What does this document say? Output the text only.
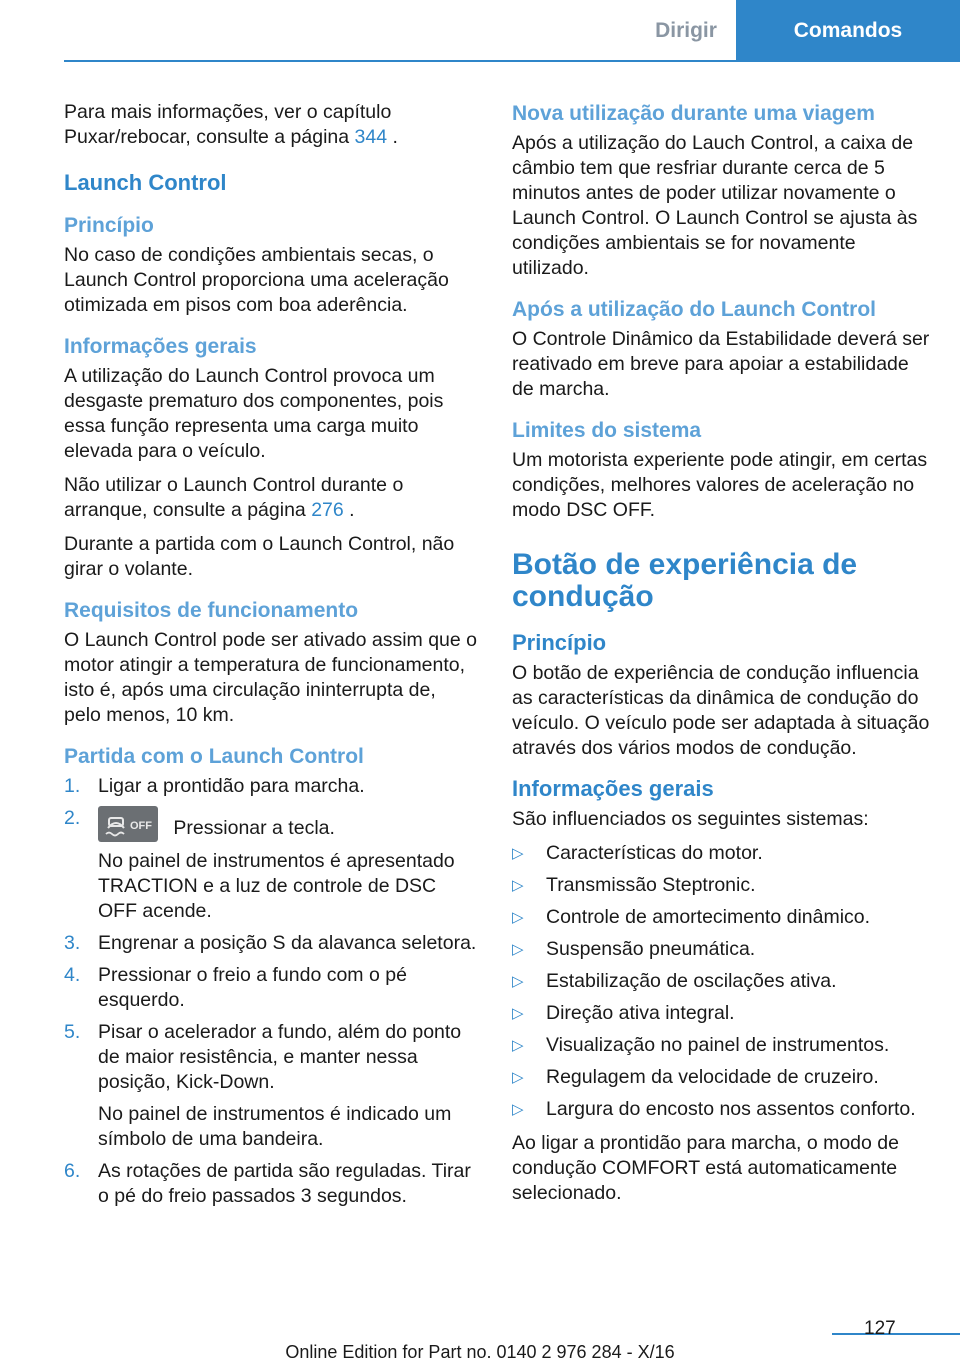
Dirigir	Comandos

Para mais informações, ver o capítulo Puxar/rebocar, consulte a página 344 .

Launch Control
Princípio

No caso de condições ambientais secas, o Launch Control proporciona uma aceleração otimizada em pisos com boa aderência.

Informações gerais

A utilização do Launch Control provoca um desgaste prematuro dos componentes, pois essa função representa uma carga muito elevada para o veículo.

Não utilizar o Launch Control durante o arranque, consulte a página 276 .

Durante a partida com o Launch Control, não girar o volante.

Requisitos de funcionamento

O Launch Control pode ser ativado assim que o motor atingir a temperatura de funcionamento, isto é, após uma circulação ininterrupta de, pelo menos, 10 km.

Partida com o Launch Control
1. Ligar a prontidão para marcha.
2.	OFF Pressionar a tecla.
No painel de instrumentos é apresentado TRACTION e a luz de controle de DSC OFF acende.
3. Engrenar a posição S da alavanca seletora.
4. Pressionar o freio a fundo com o pé esquerdo.
5. Pisar o acelerador a fundo, além do ponto de maior resistência, e manter nessa posição, Kick-Down.
No painel de instrumentos é indicado um símbolo de uma bandeira.
6. As rotações de partida são reguladas. Tirar o pé do freio passados 3 segundos.
Nova utilização durante uma viagem

Após a utilização do Lauch Control, a caixa de câmbio tem que resfriar durante cerca de 5 minutos antes de poder utilizar novamente o Launch Control. O Launch Control se ajusta às condições ambientais se for novamente utilizado.

Após a utilização do Launch Control

O Controle Dinâmico da Estabilidade deverá ser reativado em breve para apoiar a estabilidade de marcha.

Limites do sistema

Um motorista experiente pode atingir, em certas condições, melhores valores de aceleração no modo DSC OFF.

Botão de experiência de condução
Princípio

O botão de experiência de condução influencia as características da dinâmica de condução do veículo. O veículo pode ser adaptada à situação através dos vários modos de condução.

Informações gerais

São influenciados os seguintes sistemas:

▷ Características do motor.
▷ Transmissão Steptronic.
▷ Controle de amortecimento dinâmico.
▷ Suspensão pneumática.
▷ Estabilização de oscilações ativa.
▷ Direção ativa integral.
▷ Visualização no painel de instrumentos.
▷ Regulagem da velocidade de cruzeiro.
▷ Largura do encosto nos assentos conforto.

Ao ligar a prontidão para marcha, o modo de condução COMFORT está automaticamente selecionado.

127
Online Edition for Part no. 0140 2 976 284 - X/16
